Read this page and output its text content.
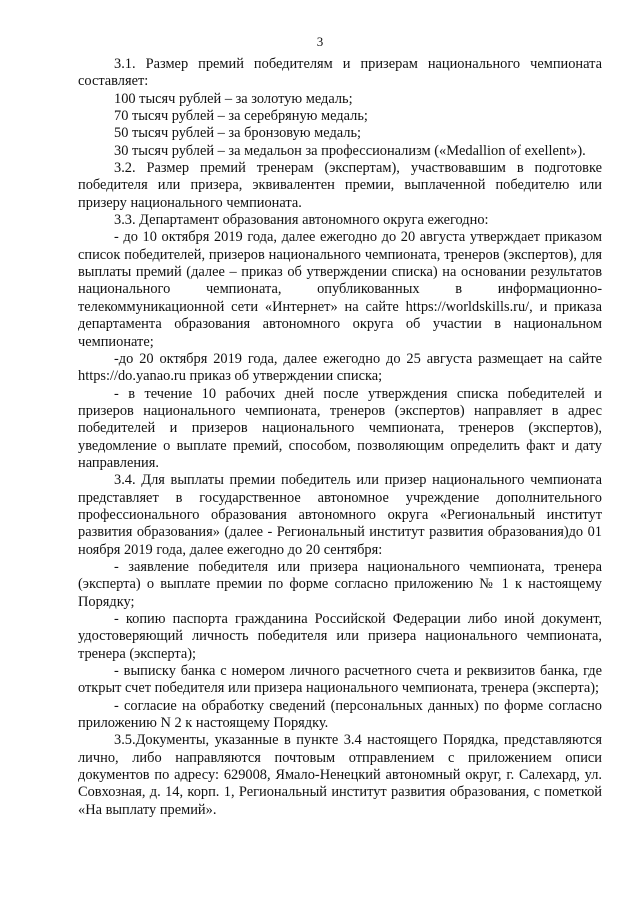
3

3.1. Размер премий победителям и призерам национального чемпионата составляет:

100 тысяч рублей – за золотую медаль;

70 тысяч рублей – за серебряную медаль;

50 тысяч рублей – за бронзовую медаль;

30 тысяч рублей – за медальон за профессионализм («Medallion of exellent»).

3.2. Размер премий тренерам (экспертам), участвовавшим в подготовке победителя или призера, эквивалентен премии, выплаченной победителю или призеру национального чемпионата.

3.3. Департамент образования автономного округа ежегодно:

- до 10 октября 2019 года, далее ежегодно до 20 августа утверждает приказом список победителей, призеров национального чемпионата, тренеров (экспертов), для выплаты премий (далее – приказ об утверждении списка) на основании результатов национального чемпионата, опубликованных в информационно-телекоммуникационной сети «Интернет» на сайте https://worldskills.ru/, и приказа департамента образования автономного округа об участии в национальном чемпионате;

-до 20 октября 2019 года, далее ежегодно до 25 августа размещает на сайте https://do.yanao.ru приказ об утверждении списка;

- в течение 10 рабочих дней после утверждения списка победителей и призеров национального чемпионата, тренеров (экспертов) направляет в адрес победителей и призеров национального чемпионата, тренеров (экспертов), уведомление о выплате премий, способом, позволяющим определить факт и дату направления.

3.4. Для выплаты премии победитель или призер национального чемпионата представляет в государственное автономное учреждение дополнительного профессионального образования автономного округа «Региональный институт развития образования» (далее - Региональный институт развития образования)до 01 ноября 2019 года, далее ежегодно до 20 сентября:

- заявление победителя или призера национального чемпионата, тренера (эксперта) о выплате премии по форме согласно приложению № 1 к настоящему Порядку;

- копию паспорта гражданина Российской Федерации либо иной документ, удостоверяющий личность победителя или призера национального чемпионата, тренера (эксперта);

- выписку банка с номером личного расчетного счета и реквизитов банка, где открыт счет победителя или призера национального чемпионата, тренера (эксперта);

- согласие на обработку сведений (персональных данных) по форме согласно приложению N 2 к настоящему Порядку.

3.5.Документы, указанные в пункте 3.4 настоящего Порядка, представляются лично, либо направляются почтовым отправлением с приложением описи документов по адресу: 629008, Ямало-Ненецкий автономный округ, г. Салехард, ул. Совхозная, д. 14, корп. 1, Региональный институт развития образования, с пометкой «На выплату премий».
